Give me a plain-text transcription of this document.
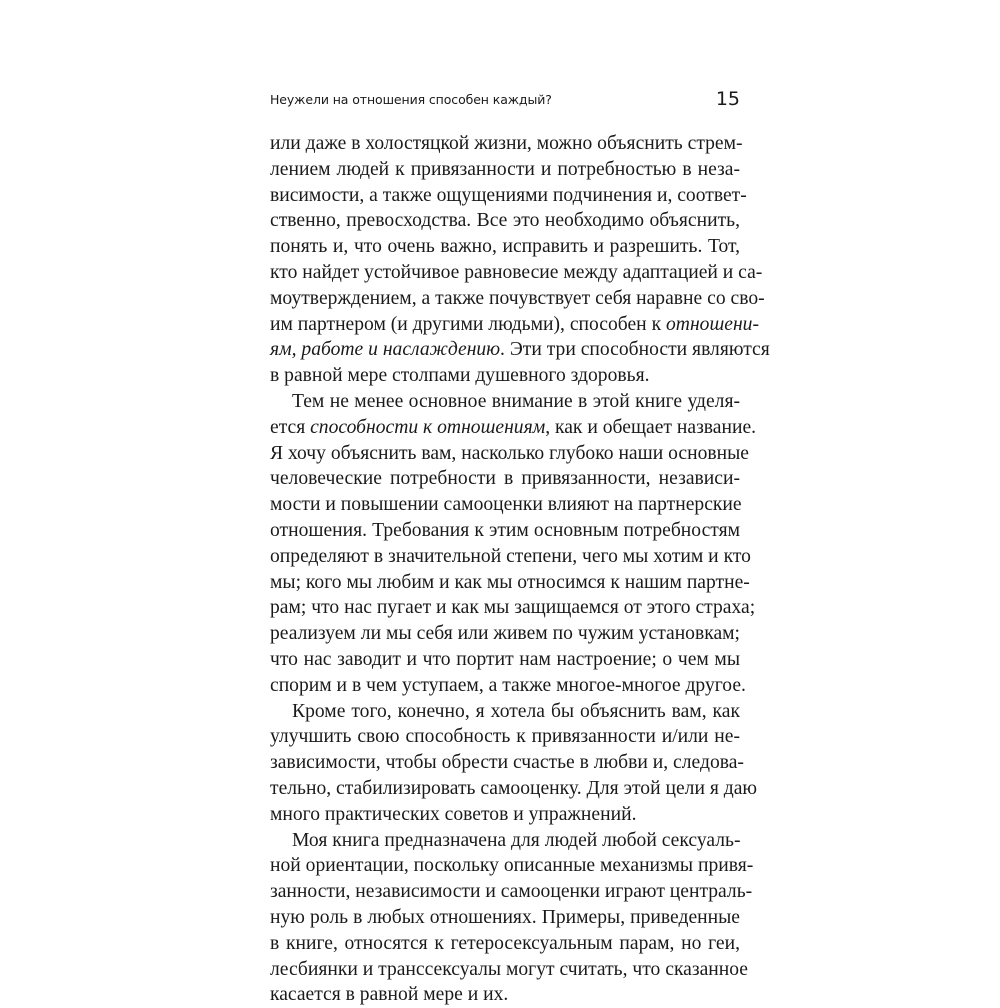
Неужели на отношения способен каждый?	15
или даже в холостяцкой жизни, можно объяснить стрем-
лением людей к привязанности и потребностью в неза-
висимости, а также ощущениями подчинения и, соответ-
ственно, превосходства. Все это необходимо объяснить,
понять и, что очень важно, исправить и разрешить. Тот,
кто найдет устойчивое равновесие между адаптацией и са-
моутверждением, а также почувствует себя наравне со сво-
им партнером (и другими людьми), способен к отношени-
ям, работе и наслаждению. Эти три способности являются
в равной мере столпами душевного здоровья.
Тем не менее основное внимание в этой книге уделя-
ется способности к отношениям, как и обещает название.
Я хочу объяснить вам, насколько глубоко наши основные
человеческие потребности в привязанности, независи-
мости и повышении самооценки влияют на партнерские
отношения. Требования к этим основным потребностям
определяют в значительной степени, чего мы хотим и кто
мы; кого мы любим и как мы относимся к нашим партне-
рам; что нас пугает и как мы защищаемся от этого страха;
реализуем ли мы себя или живем по чужим установкам;
что нас заводит и что портит нам настроение; о чем мы
спорим и в чем уступаем, а также многое-многое другое.
Кроме того, конечно, я хотела бы объяснить вам, как
улучшить свою способность к привязанности и/или не-
зависимости, чтобы обрести счастье в любви и, следова-
тельно, стабилизировать самооценку. Для этой цели я даю
много практических советов и упражнений.
Моя книга предназначена для людей любой сексуаль-
ной ориентации, поскольку описанные механизмы привя-
занности, независимости и самооценки играют централь-
ную роль в любых отношениях. Примеры, приведенные
в книге, относятся к гетеросексуальным парам, но геи,
лесбиянки и транссексуалы могут считать, что сказанное
касается в равной мере и их.
